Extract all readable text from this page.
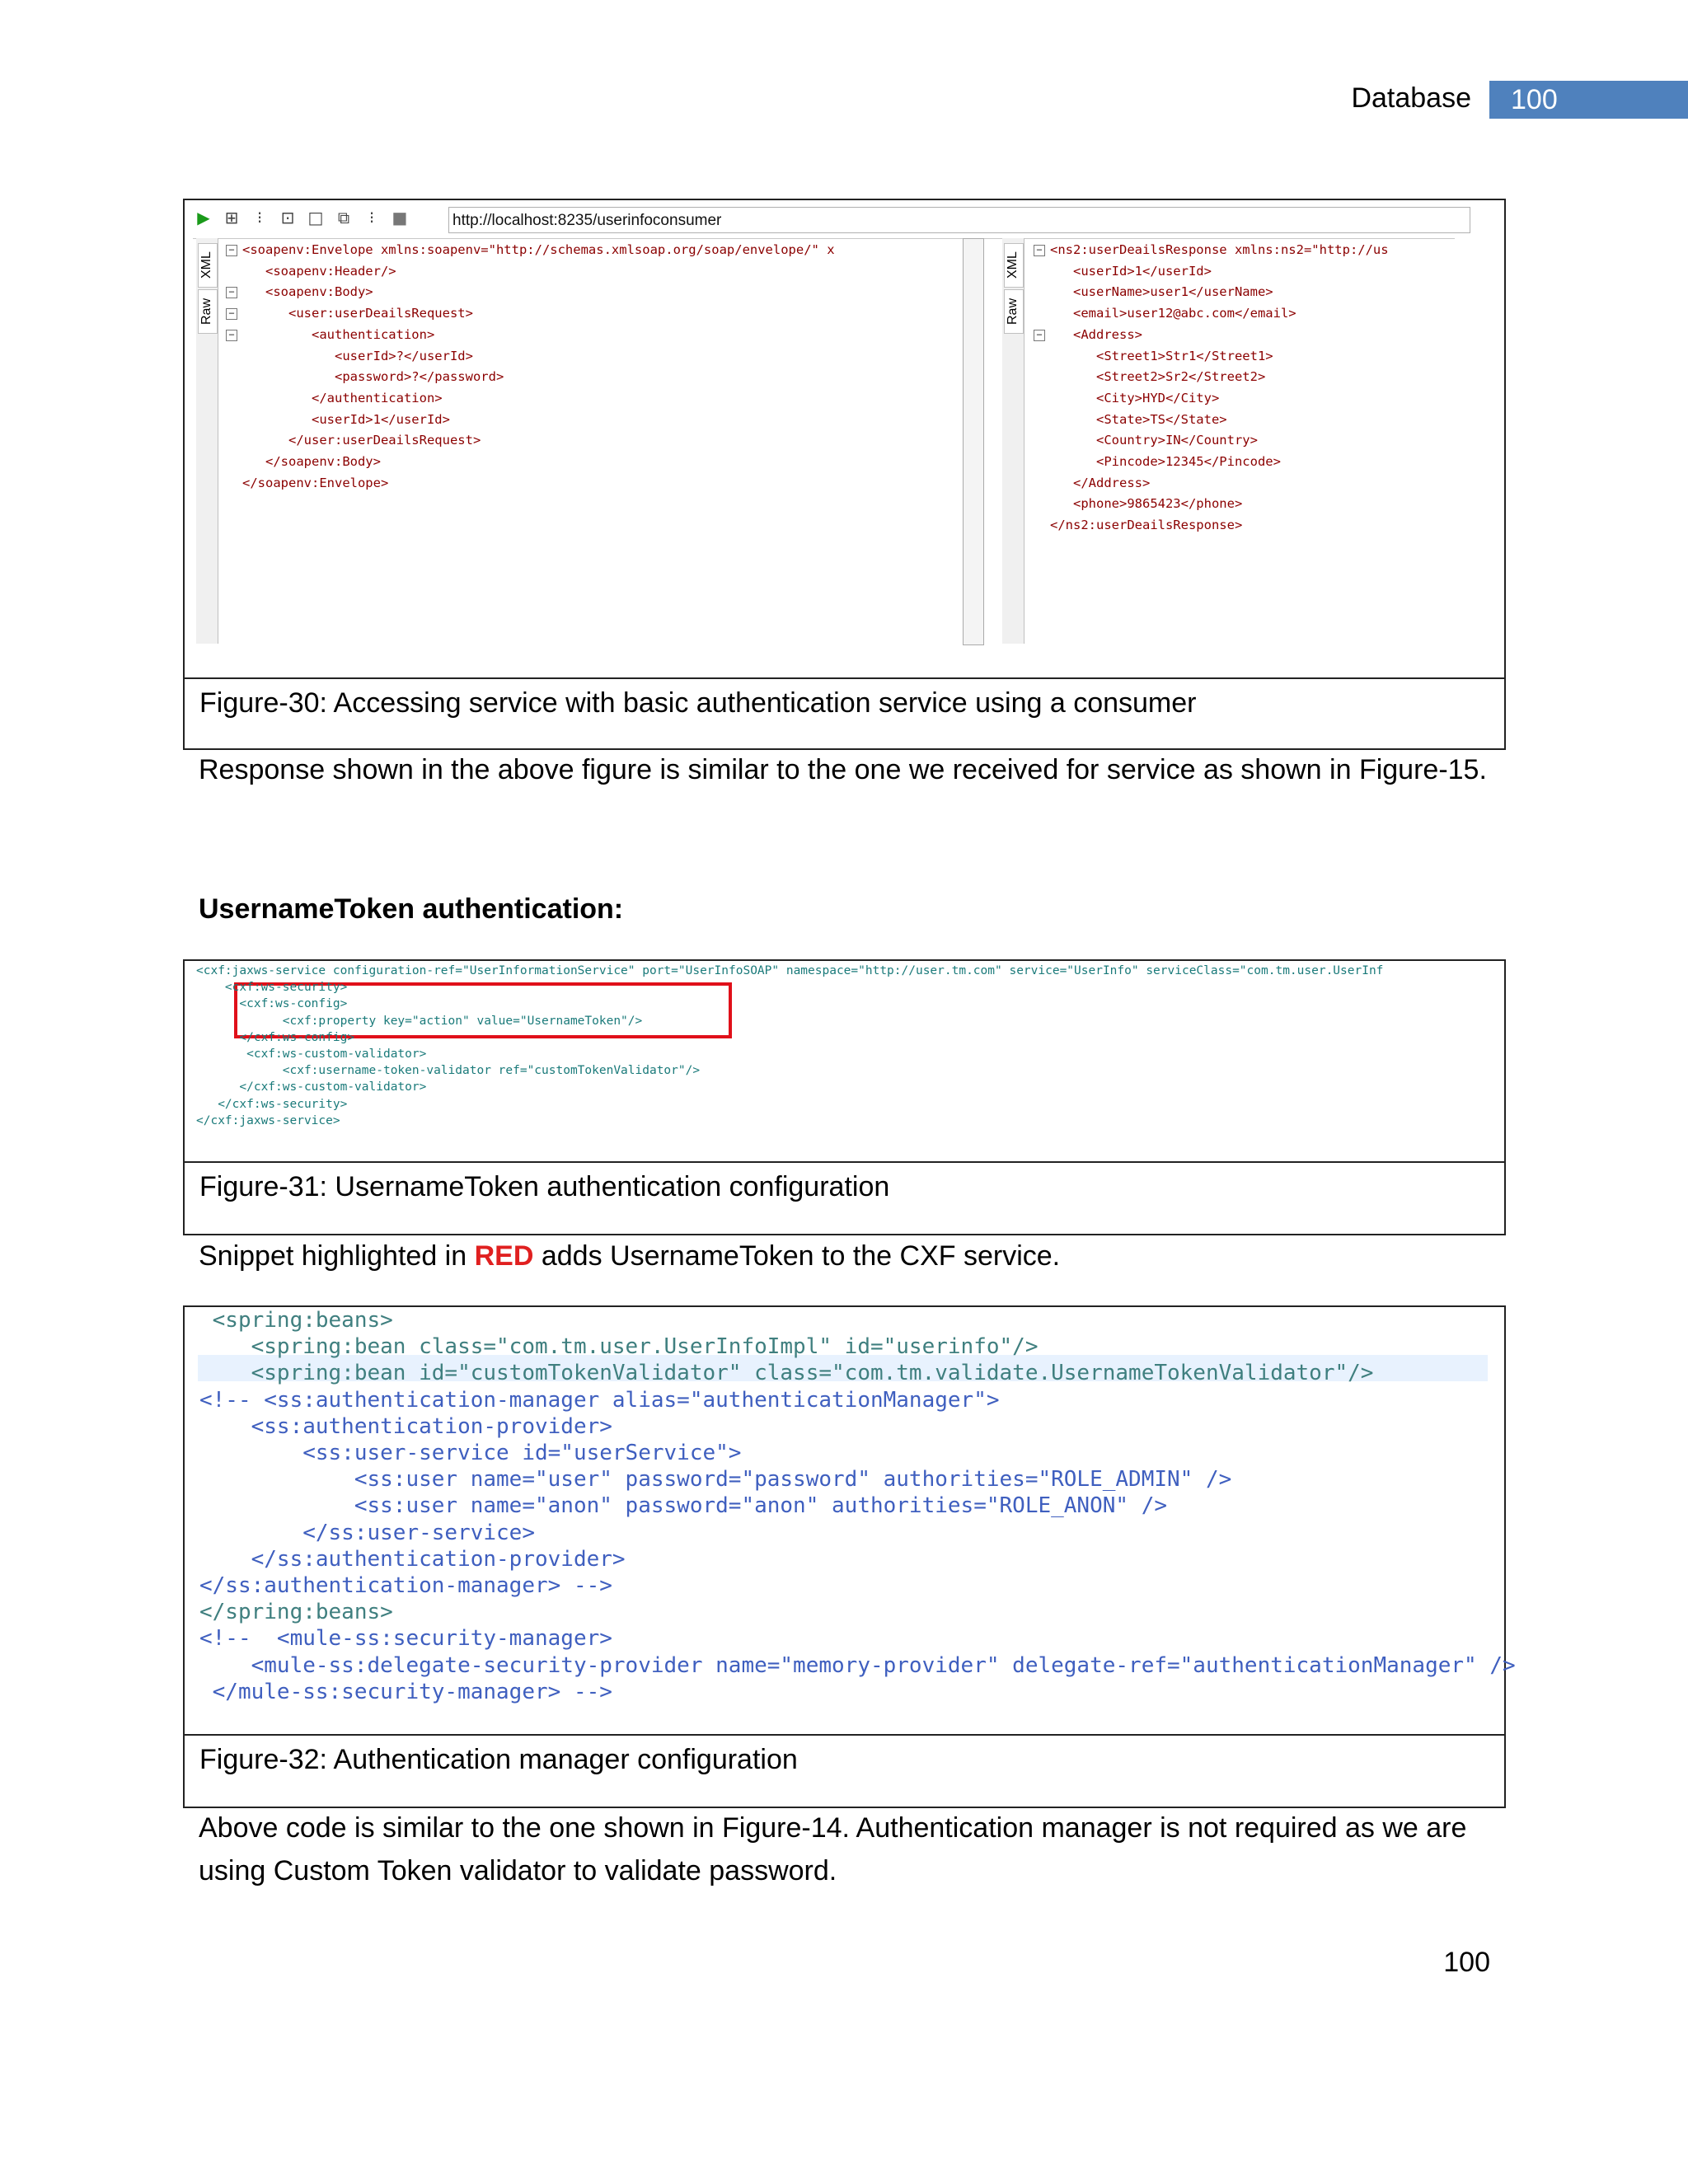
Database	100
▶ ⊞	⁝	⊡ □ ⧉	⁝	■	http://localhost:8235/userinfoconsumer
XML
Raw
−
−
−
−
<soapenv:Envelope xmlns:soapenv="http://schemas.xmlsoap.org/soap/envelope/" x
<soapenv:Header/>
<soapenv:Body>
<user:userDeailsRequest>
<authentication>
<userId>?</userId>
<password>?</password>
</authentication>
<userId>1</userId>
</user:userDeailsRequest>
</soapenv:Body>
</soapenv:Envelope>
XML
Raw
−
−
<ns2:userDeailsResponse xmlns:ns2="http://us
<userId>1</userId>
<userName>user1</userName>
<email>user12@abc.com</email>
<Address>
<Street1>Str1</Street1>
<Street2>Sr2</Street2>
<City>HYD</City>
<State>TS</State>
<Country>IN</Country>
<Pincode>12345</Pincode>
</Address>
<phone>9865423</phone>
</ns2:userDeailsResponse>
Figure-30: Accessing service with basic authentication service using a consumer
Response shown in the above figure is similar to the one we received for service as shown in Figure-15.
UsernameToken authentication:
<cxf:jaxws-service configuration-ref="UserInformationService" port="UserInfoSOAP" namespace="http://user.tm.com" service="UserInfo" serviceClass="com.tm.user.UserInf
<cxf:ws-security>
<cxf:ws-config>
<cxf:property key="action" value="UsernameToken"/>
</cxf:ws-config>
<cxf:ws-custom-validator>
<cxf:username-token-validator ref="customTokenValidator"/>
</cxf:ws-custom-validator>
</cxf:ws-security>
</cxf:jaxws-service>
Figure-31: UsernameToken authentication configuration
Snippet highlighted in RED adds UsernameToken to the CXF service.
<spring:beans>
<spring:bean class="com.tm.user.UserInfoImpl" id="userinfo"/>
<spring:bean id="customTokenValidator" class="com.tm.validate.UsernameTokenValidator"/>
<!-- <ss:authentication-manager alias="authenticationManager">
<ss:authentication-provider>
<ss:user-service id="userService">
<ss:user name="user" password="password" authorities="ROLE_ADMIN" />
<ss:user name="anon" password="anon" authorities="ROLE_ANON" />
</ss:user-service>
</ss:authentication-provider>
</ss:authentication-manager> -->
</spring:beans>
<!--  <mule-ss:security-manager>
<mule-ss:delegate-security-provider name="memory-provider" delegate-ref="authenticationManager" />
</mule-ss:security-manager> -->
Figure-32: Authentication manager configuration
Above code is similar to the one shown in Figure-14. Authentication manager is not required as we are using Custom Token validator to validate password.
100
